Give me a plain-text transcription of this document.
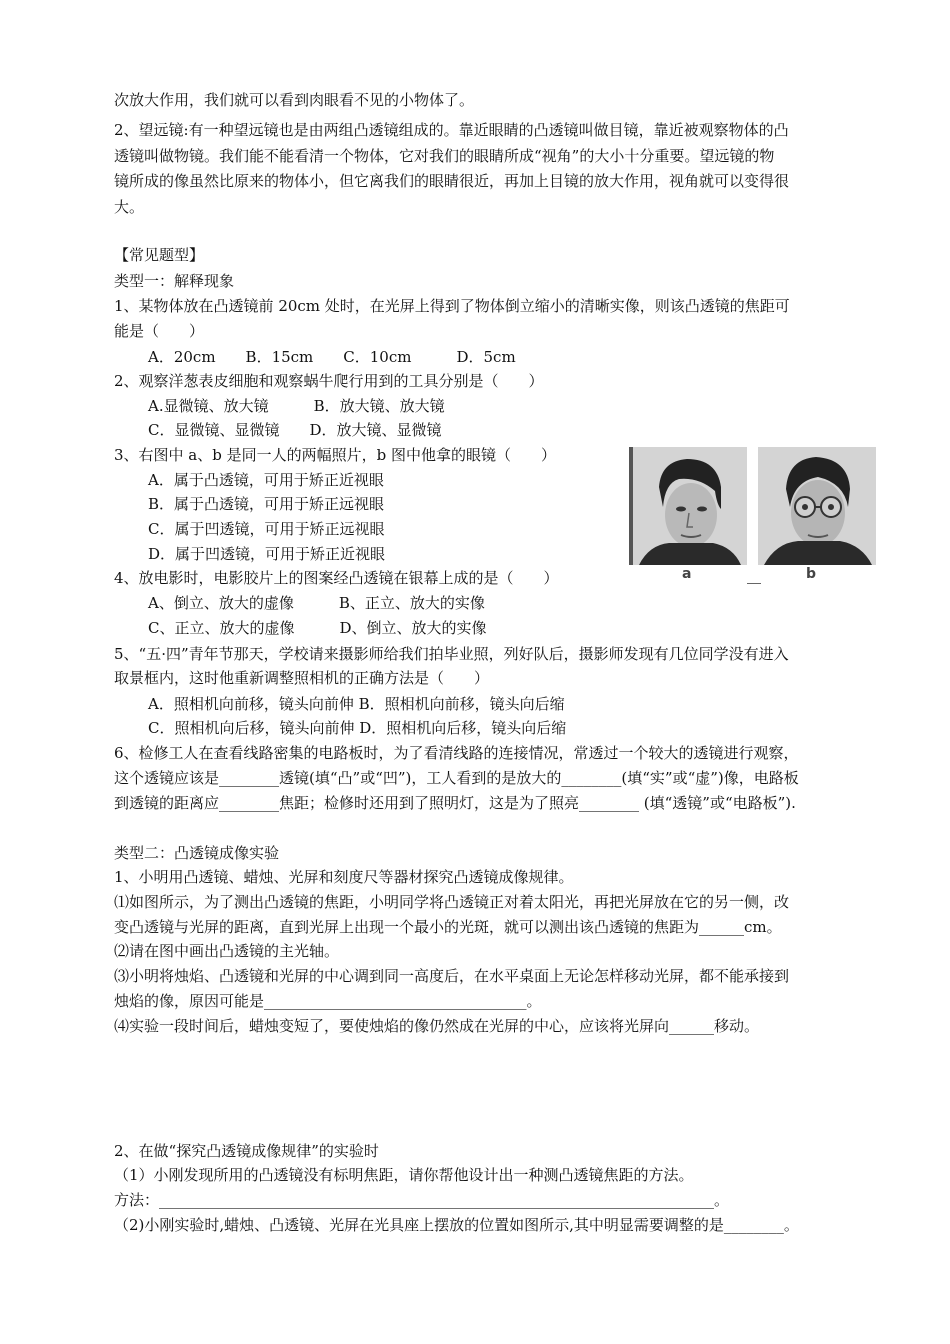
次放大作用，我们就可以看到肉眼看不见的小物体了。
2、望远镜:有一种望远镜也是由两组凸透镜组成的。靠近眼睛的凸透镜叫做目镜，靠近被观察物体的凸
透镜叫做物镜。我们能不能看清一个物体，它对我们的眼睛所成“视角”的大小十分重要。望远镜的物
镜所成的像虽然比原来的物体小，但它离我们的眼睛很近，再加上目镜的放大作用，视角就可以变得很
大。
【常见题型】
类型一：解释现象
1、某物体放在凸透镜前 20cm 处时，在光屏上得到了物体倒立缩小的清晰实像，则该凸透镜的焦距可
能是（　　）
A．20cm　　B．15cm　　C．10cm　　　D．5cm
2、观察洋葱表皮细胞和观察蜗牛爬行用到的工具分别是（　　）
A.显微镜、放大镜　　　B．放大镜、放大镜
C．显微镜、显微镜　　D．放大镜、显微镜
3、右图中 a、b 是同一人的两幅照片，b 图中他拿的眼镜（　　）
A．属于凸透镜，可用于矫正近视眼
B．属于凸透镜，可用于矫正远视眼
C．属于凹透镜，可用于矫正远视眼
D．属于凹透镜，可用于矫正近视眼
4、放电影时，电影胶片上的图案经凸透镜在银幕上成的是（　　）
A、倒立、放大的虚像　　　B、正立、放大的实像
C、正立、放大的虚像　　　D、倒立、放大的实像
5、“五·四”青年节那天，学校请来摄影师给我们拍毕业照，列好队后，摄影师发现有几位同学没有进入
取景框内，这时他重新调整照相机的正确方法是（　　）
A．照相机向前移，镜头向前伸 B．照相机向前移，镜头向后缩
C．照相机向后移，镜头向前伸 D．照相机向后移，镜头向后缩
6、检修工人在查看线路密集的电路板时，为了看清线路的连接情况，常透过一个较大的透镜进行观察，
这个透镜应该是________透镜(填“凸”或“凹”)，工人看到的是放大的________(填“实”或“虚”)像，电路板
到透镜的距离应________焦距；检修时还用到了照明灯，这是为了照亮________ (填“透镜”或“电路板”).
类型二：凸透镜成像实验
1、小明用凸透镜、蜡烛、光屏和刻度尺等器材探究凸透镜成像规律。
⑴如图所示，为了测出凸透镜的焦距，小明同学将凸透镜正对着太阳光，再把光屏放在它的另一侧，改
变凸透镜与光屏的距离，直到光屏上出现一个最小的光斑，就可以测出该凸透镜的焦距为______cm。
⑵请在图中画出凸透镜的主光轴。
⑶小明将烛焰、凸透镜和光屏的中心调到同一高度后，在水平桌面上无论怎样移动光屏，都不能承接到
烛焰的像，原因可能是___________________________________。
⑷实验一段时间后，蜡烛变短了，要使烛焰的像仍然成在光屏的中心，应该将光屏向______移动。
2、在做“探究凸透镜成像规律”的实验时
（1）小刚发现所用的凸透镜没有标明焦距，请你帮他设计出一种测凸透镜焦距的方法。
方法：__________________________________________________________________________。
（2)小刚实验时,蜡烛、凸透镜、光屏在光具座上摆放的位置如图所示,其中明显需要调整的是________。
a	b
